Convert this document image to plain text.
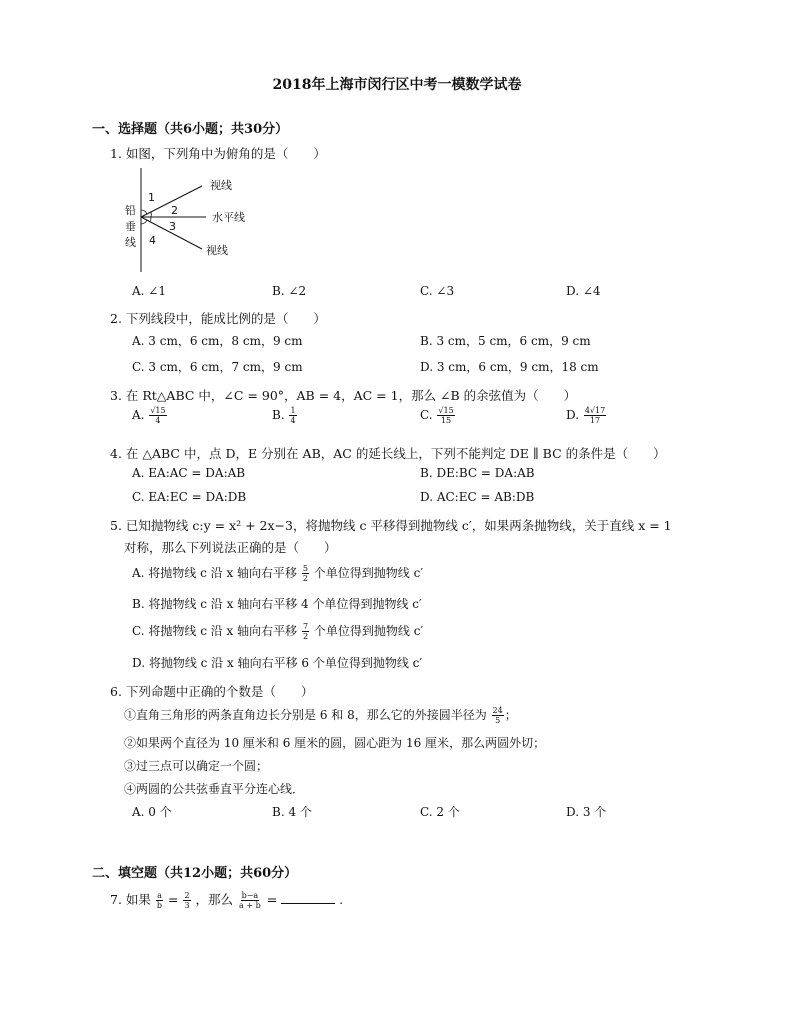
2018年上海市闵行区中考一模数学试卷
一、选择题（共6小题；共30分）
1. 如图，下列角中为俯角的是（　　）
视线
水平线
视线
铅
垂
线
1
2
3
4
A. ∠1	B. ∠2	C. ∠3	D. ∠4
2. 下列线段中，能成比例的是（　　）
A. 3 cm，6 cm，8 cm，9 cm	B. 3 cm，5 cm，6 cm，9 cm
C. 3 cm，6 cm，7 cm，9 cm	D. 3 cm，6 cm，9 cm，18 cm
3. 在 Rt△ABC 中，∠C = 90°，AB = 4，AC = 1，那么 ∠B 的余弦值为（　　）
A. $\frac{√15}{4}$	B. $\frac{1}{4}$	C. $\frac{√15}{15}$	D. $\frac{4√17}{17}$
4. 在 △ABC 中，点 D，E 分别在 AB，AC 的延长线上，下列不能判定 DE ∥ BC 的条件是（　　）
A. EA:AC = DA:AB	B. DE:BC = DA:AB
C. EA:EC = DA:DB	D. AC:EC = AB:DB
5. 已知抛物线 c:y = x² + 2x−3，将抛物线 c 平移得到抛物线 c′，如果两条抛物线，关于直线 x = 1
对称，那么下列说法正确的是（　　）
A. 将抛物线 c 沿 x 轴向右平移 $\frac{5}{2}$ 个单位得到抛物线 c′
B. 将抛物线 c 沿 x 轴向右平移 4 个单位得到抛物线 c′
C. 将抛物线 c 沿 x 轴向右平移 $\frac{7}{2}$ 个单位得到抛物线 c′
D. 将抛物线 c 沿 x 轴向右平移 6 个单位得到抛物线 c′
6. 下列命题中正确的个数是（　　）
①直角三角形的两条直角边长分别是 6 和 8，那么它的外接圆半径为 $\frac{24}{5}$ ；
②如果两个直径为 10 厘米和 6 厘米的圆，圆心距为 16 厘米，那么两圆外切；
③过三点可以确定一个圆；
④两圆的公共弦垂直平分连心线．
A. 0 个	B. 4 个	C. 2 个	D. 3 个
二、填空题（共12小题；共60分）
7. 如果 $\frac{a}{b} = \frac{2}{3}$ ，那么 $\frac{b-a}{a + b}$ =	.
